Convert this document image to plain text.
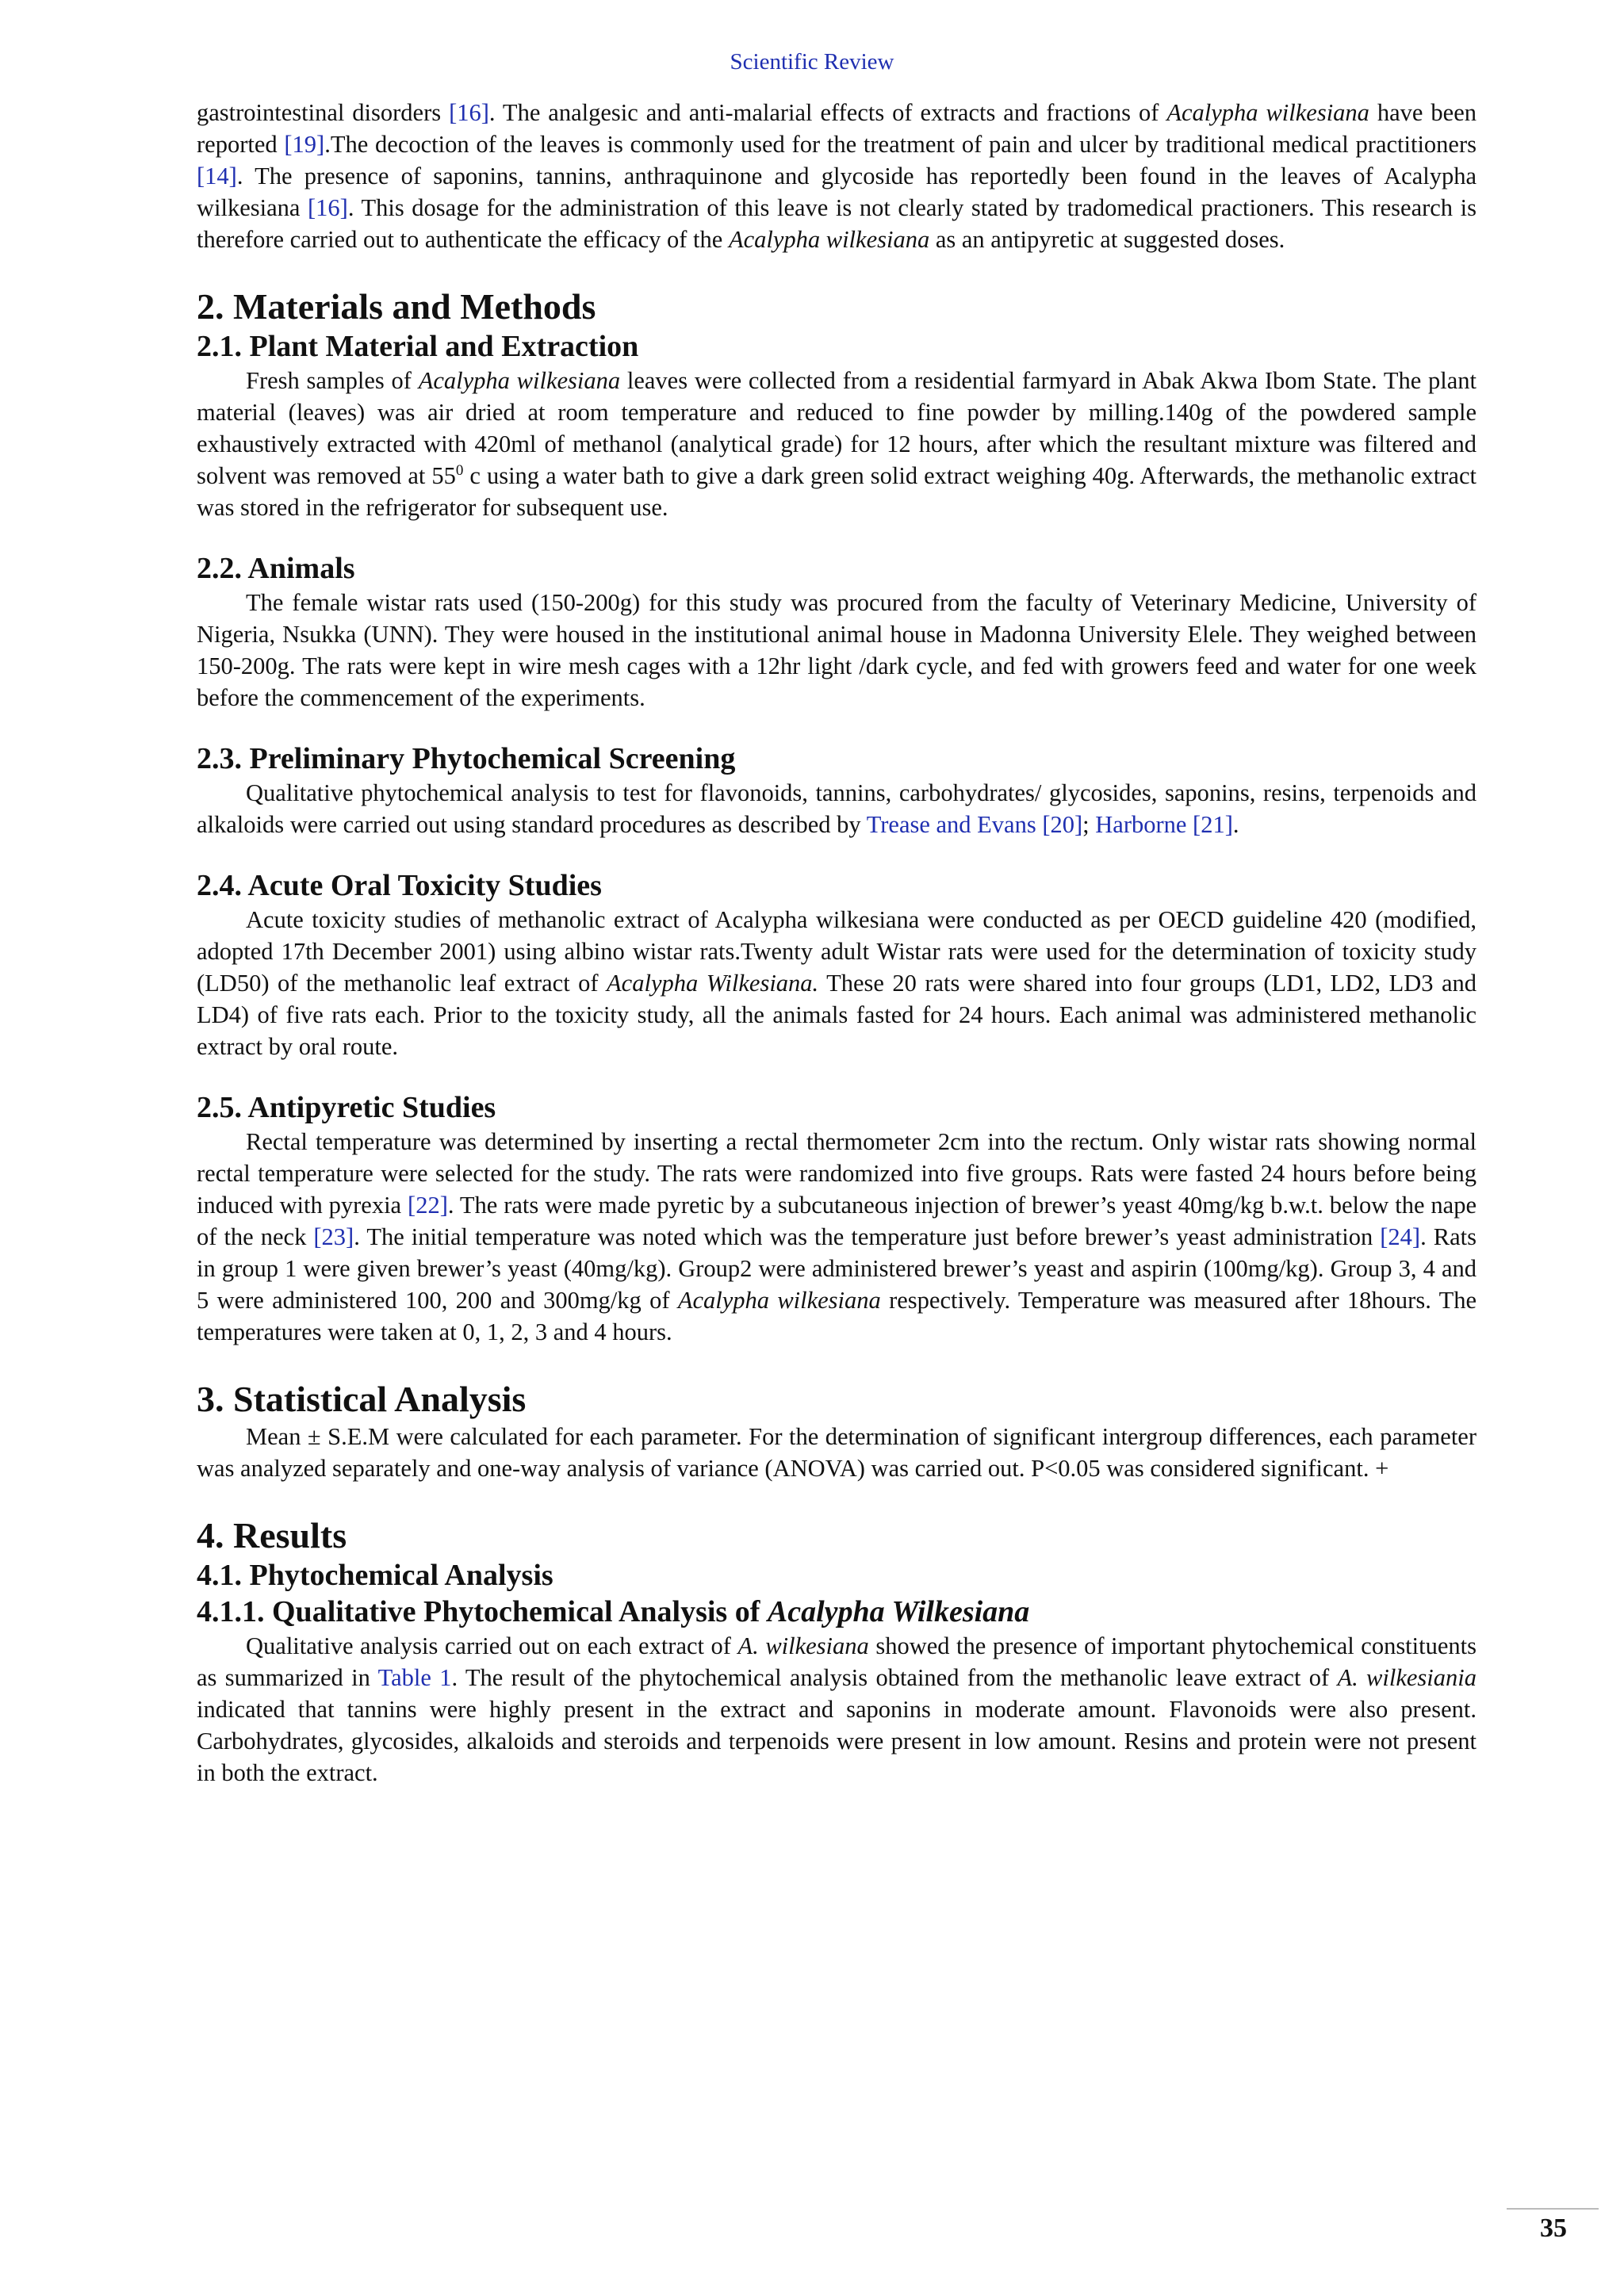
Scientific Review

gastrointestinal disorders [16]. The analgesic and anti-malarial effects of extracts and fractions of Acalypha wilkesiana have been reported [19].The decoction of the leaves is commonly used for the treatment of pain and ulcer by traditional medical practitioners [14]. The presence of saponins, tannins, anthraquinone and glycoside has reportedly been found in the leaves of Acalypha wilkesiana [16]. This dosage for the administration of this leave is not clearly stated by tradomedical practioners. This research is therefore carried out to authenticate the efficacy of the Acalypha wilkesiana as an antipyretic at suggested doses.

2. Materials and Methods
2.1. Plant Material and Extraction

Fresh samples of Acalypha wilkesiana leaves were collected from a residential farmyard in Abak Akwa Ibom State. The plant material (leaves) was air dried at room temperature and reduced to fine powder by milling.140g of the powdered sample exhaustively extracted with 420ml of methanol (analytical grade) for 12 hours, after which the resultant mixture was filtered and solvent was removed at $55^0$ c using a water bath to give a dark green solid extract weighing 40g. Afterwards, the methanolic extract was stored in the refrigerator for subsequent use.

2.2. Animals

The female wistar rats used (150-200g) for this study was procured from the faculty of Veterinary Medicine, University of Nigeria, Nsukka (UNN). They were housed in the institutional animal house in Madonna University Elele. They weighed between 150-200g. The rats were kept in wire mesh cages with a 12hr light /dark cycle, and fed with growers feed and water for one week before the commencement of the experiments.

2.3. Preliminary Phytochemical Screening

Qualitative phytochemical analysis to test for flavonoids, tannins, carbohydrates/ glycosides, saponins, resins, terpenoids and alkaloids were carried out using standard procedures as described by Trease and Evans [20]; Harborne [21].

2.4. Acute Oral Toxicity Studies

Acute toxicity studies of methanolic extract of Acalypha wilkesiana were conducted as per OECD guideline 420 (modified, adopted 17th December 2001) using albino wistar rats.Twenty adult Wistar rats were used for the determination of toxicity study (LD50) of the methanolic leaf extract of Acalypha Wilkesiana. These 20 rats were shared into four groups (LD1, LD2, LD3 and LD4) of five rats each. Prior to the toxicity study, all the animals fasted for 24 hours. Each animal was administered methanolic extract by oral route.

2.5. Antipyretic Studies

Rectal temperature was determined by inserting a rectal thermometer 2cm into the rectum. Only wistar rats showing normal rectal temperature were selected for the study. The rats were randomized into five groups. Rats were fasted 24 hours before being induced with pyrexia [22]. The rats were made pyretic by a subcutaneous injection of brewer’s yeast 40mg/kg b.w.t. below the nape of the neck [23]. The initial temperature was noted which was the temperature just before brewer’s yeast administration [24]. Rats in group 1 were given brewer’s yeast (40mg/kg). Group2 were administered brewer’s yeast and aspirin (100mg/kg). Group 3, 4 and 5 were administered 100, 200 and 300mg/kg of Acalypha wilkesiana respectively. Temperature was measured after 18hours. The temperatures were taken at 0, 1, 2, 3 and 4 hours.

3. Statistical Analysis

Mean ± S.E.M were calculated for each parameter. For the determination of significant intergroup differences, each parameter was analyzed separately and one-way analysis of variance (ANOVA) was carried out. P<0.05 was considered significant. +

4. Results
4.1. Phytochemical Analysis
4.1.1. Qualitative Phytochemical Analysis of Acalypha Wilkesiana

Qualitative analysis carried out on each extract of A. wilkesiana showed the presence of important phytochemical constituents as summarized in Table 1. The result of the phytochemical analysis obtained from the methanolic leave extract of A. wilkesiania indicated that tannins were highly present in the extract and saponins in moderate amount. Flavonoids were also present. Carbohydrates, glycosides, alkaloids and steroids and terpenoids were present in low amount. Resins and protein were not present in both the extract.

35
